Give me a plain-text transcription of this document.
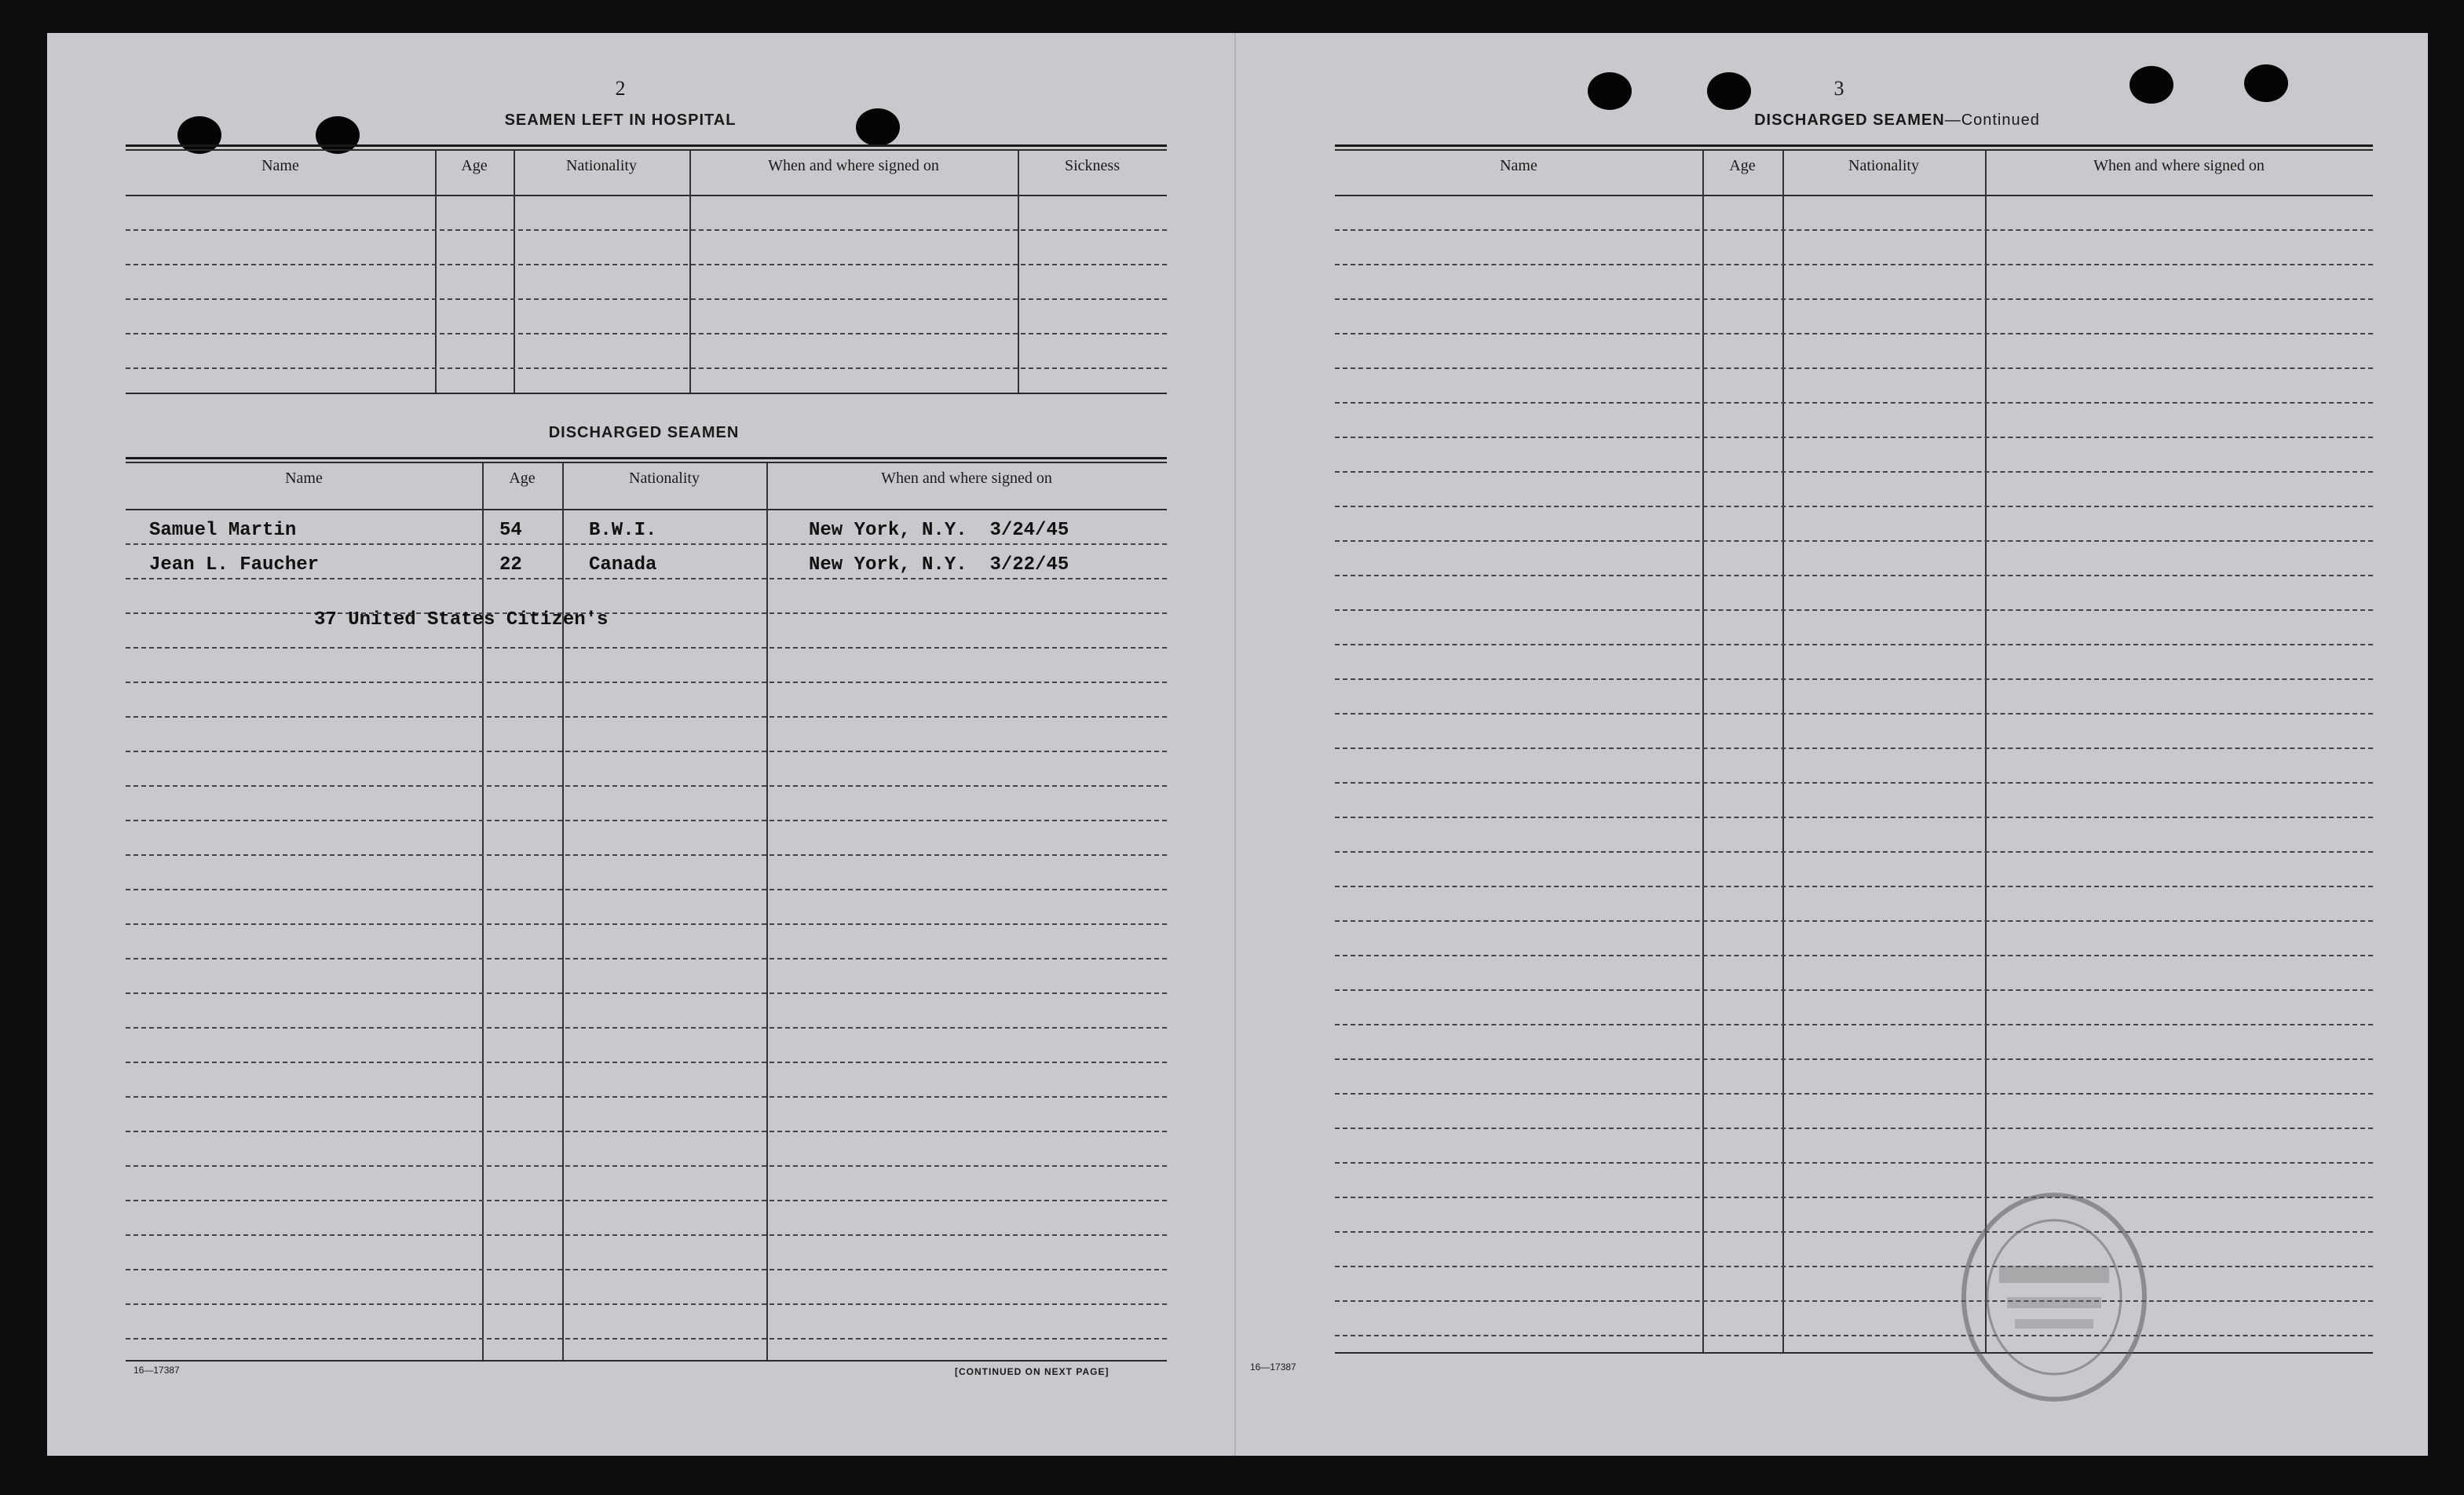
2
SEAMEN LEFT IN HOSPITAL
Name	Age	Nationality	When and where signed on	Sickness
DISCHARGED SEAMEN
Name	Age	Nationality	When and where signed on
Samuel Martin	54	B.W.I.	New York, N.Y.  3/24/45
Jean L. Faucher	22	Canada	New York, N.Y.  3/22/45
37 United States Citizen's
16—17387	[CONTINUED ON NEXT PAGE]
3
DISCHARGED SEAMEN—Continued
Name	Age	Nationality	When and where signed on
16—17387
